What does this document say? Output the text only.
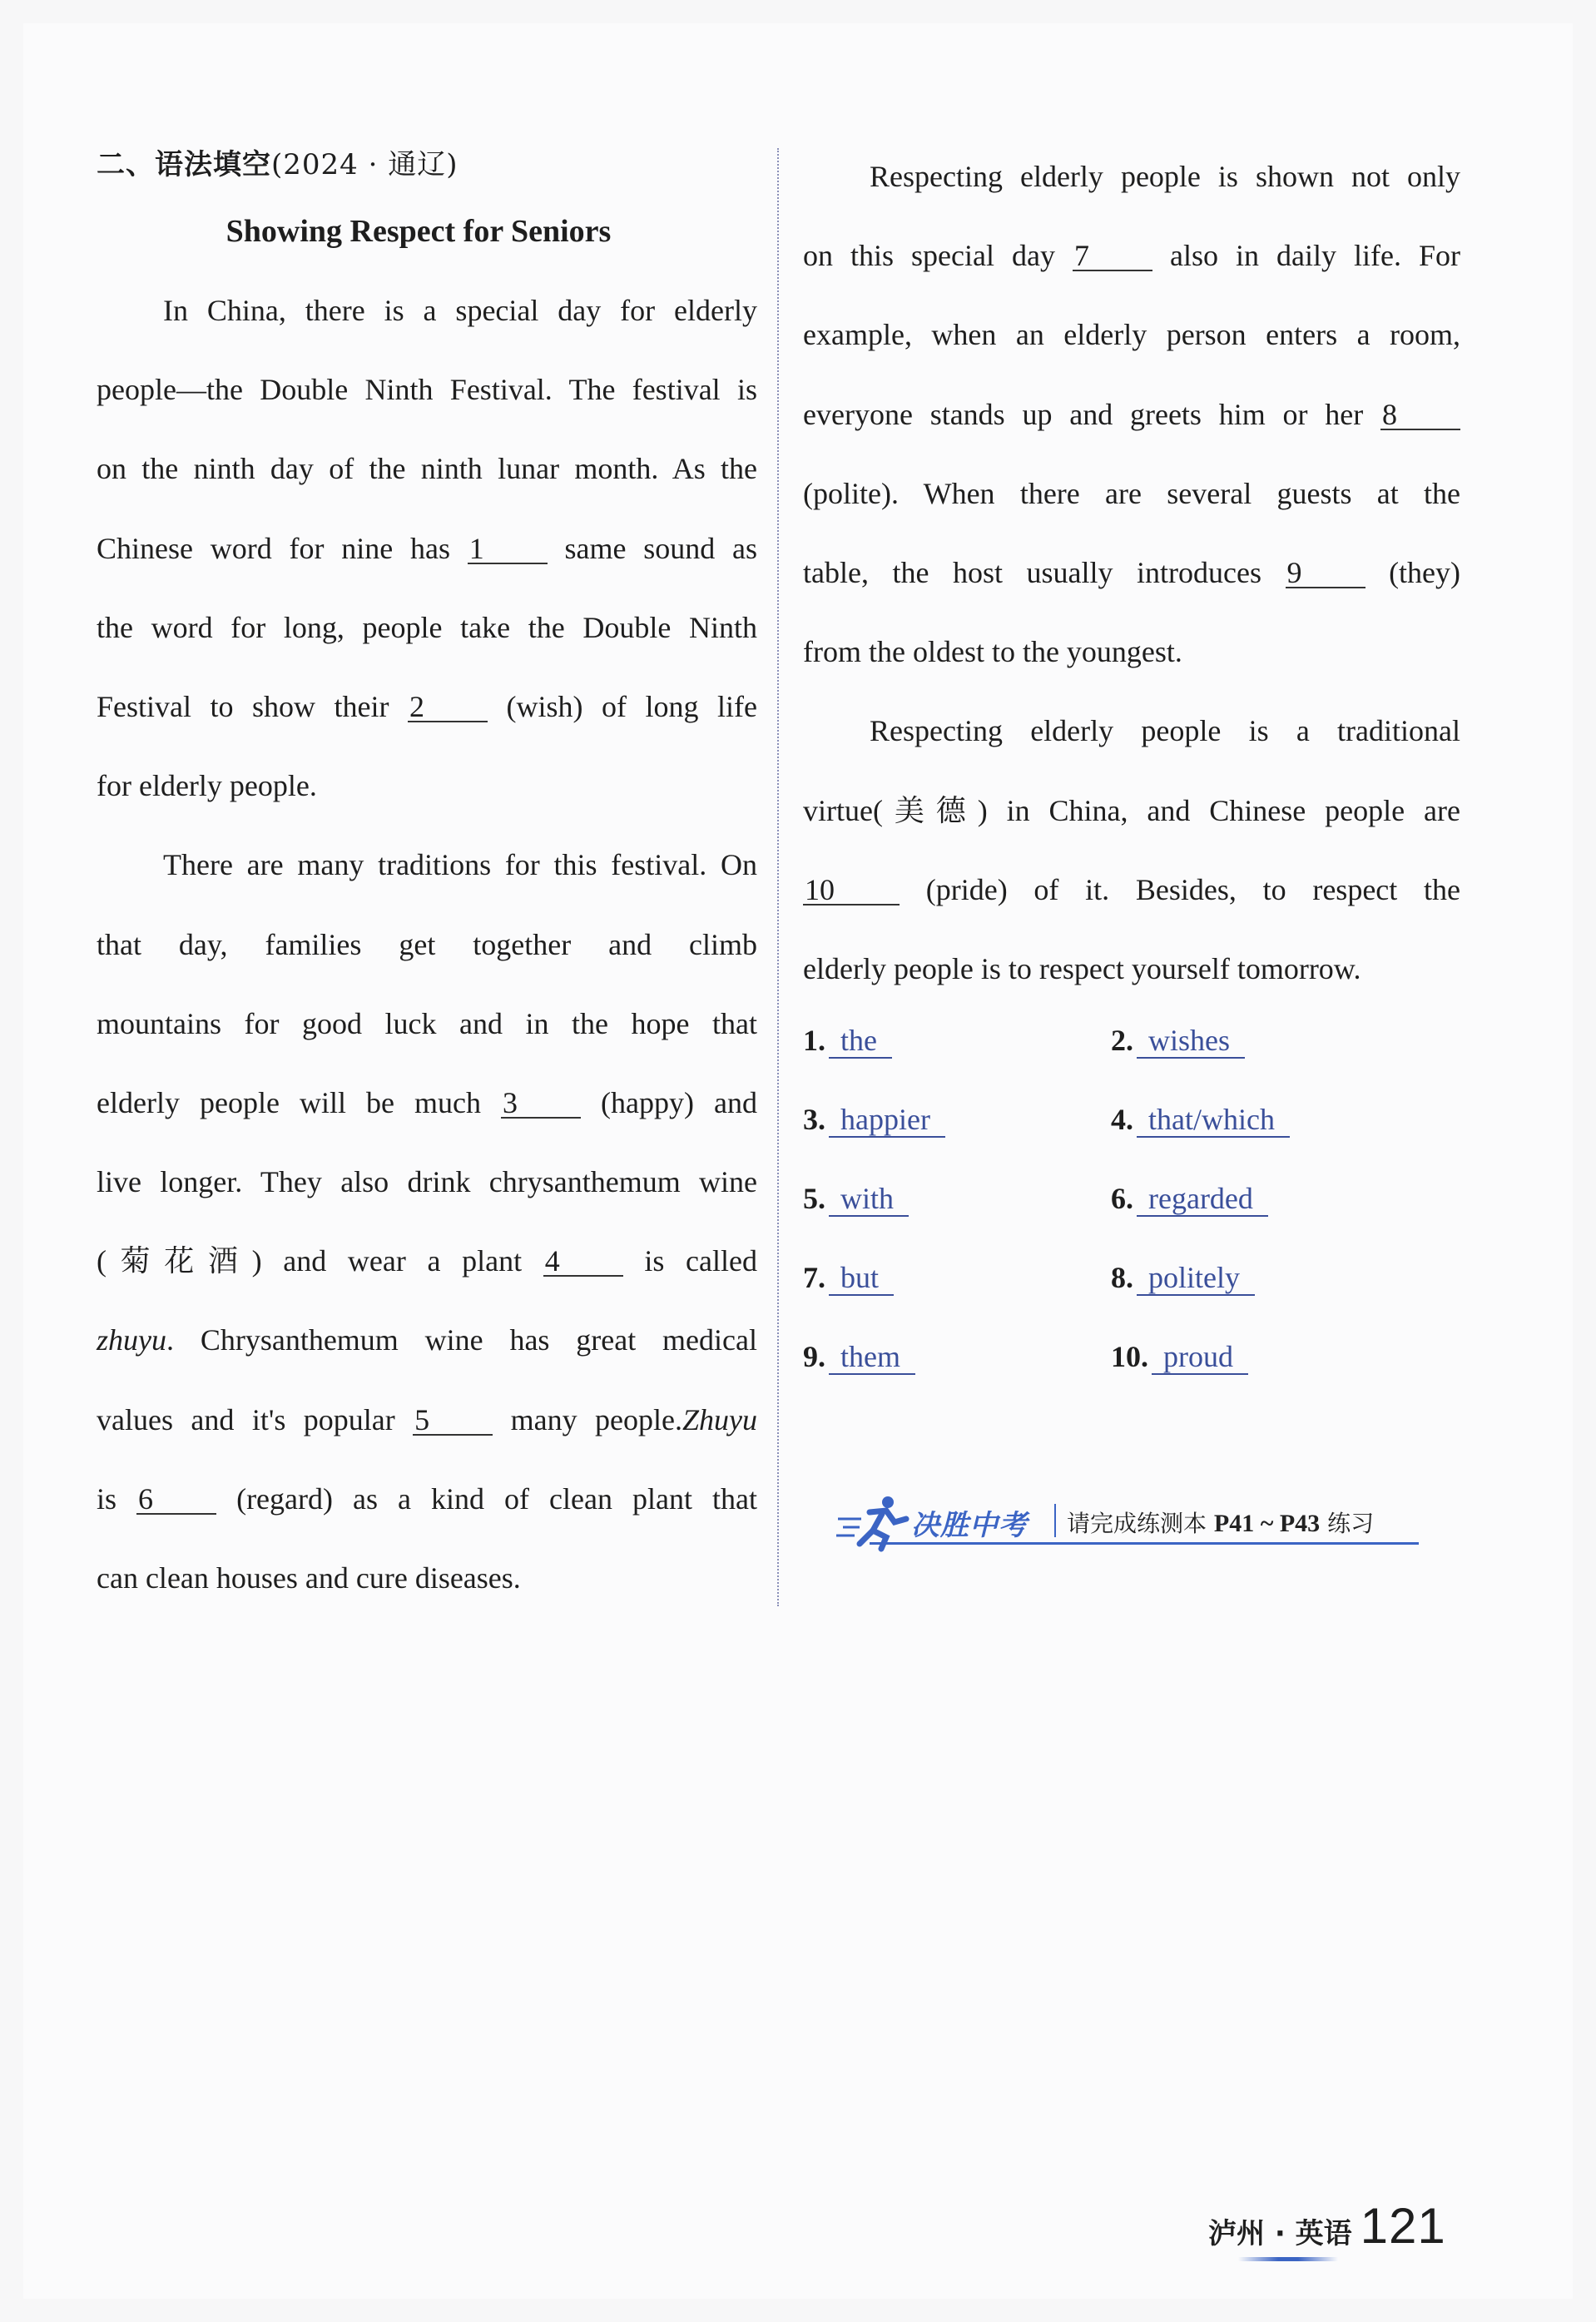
二、语法填空(2024 · 通辽)
Showing Respect for Seniors
In China, there is a special day for elderly
people—the Double Ninth Festival. The festival is
on the ninth day of the ninth lunar month. As the
Chinese word for nine has 1	same sound as
the word for long, people take the Double Ninth
Festival to show their 2	(wish) of long life
for elderly people.
There are many traditions for this festival. On
that day, families get together and climb
mountains for good luck and in the hope that
elderly people will be much 3	(happy) and
live longer. They also drink chrysanthemum wine
(菊花酒) and wear a plant 4	is called
zhuyu. Chrysanthemum wine has great medical
values and it's popular 5	many people.Zhuyu
is 6	(regard) as a kind of clean plant that
can clean houses and cure diseases.
Respecting elderly people is shown not only
on this special day 7	also in daily life. For
example, when an elderly person enters a room,
everyone stands up and greets him or her 8
(polite). When there are several guests at the
table, the host usually introduces 9	(they)
from the oldest to the youngest.
Respecting elderly people is a traditional
virtue(美德) in China, and Chinese people are
10	(pride) of it. Besides, to respect the
elderly people is to respect yourself tomorrow.
1. the	2. wishes
3. happier	4. that/which
5. with	6. regarded
7. but	8. politely
9. them	10. proud
决胜中考 请完成练测本 P41 ~ P43 练习
泸州 · 英语 121
